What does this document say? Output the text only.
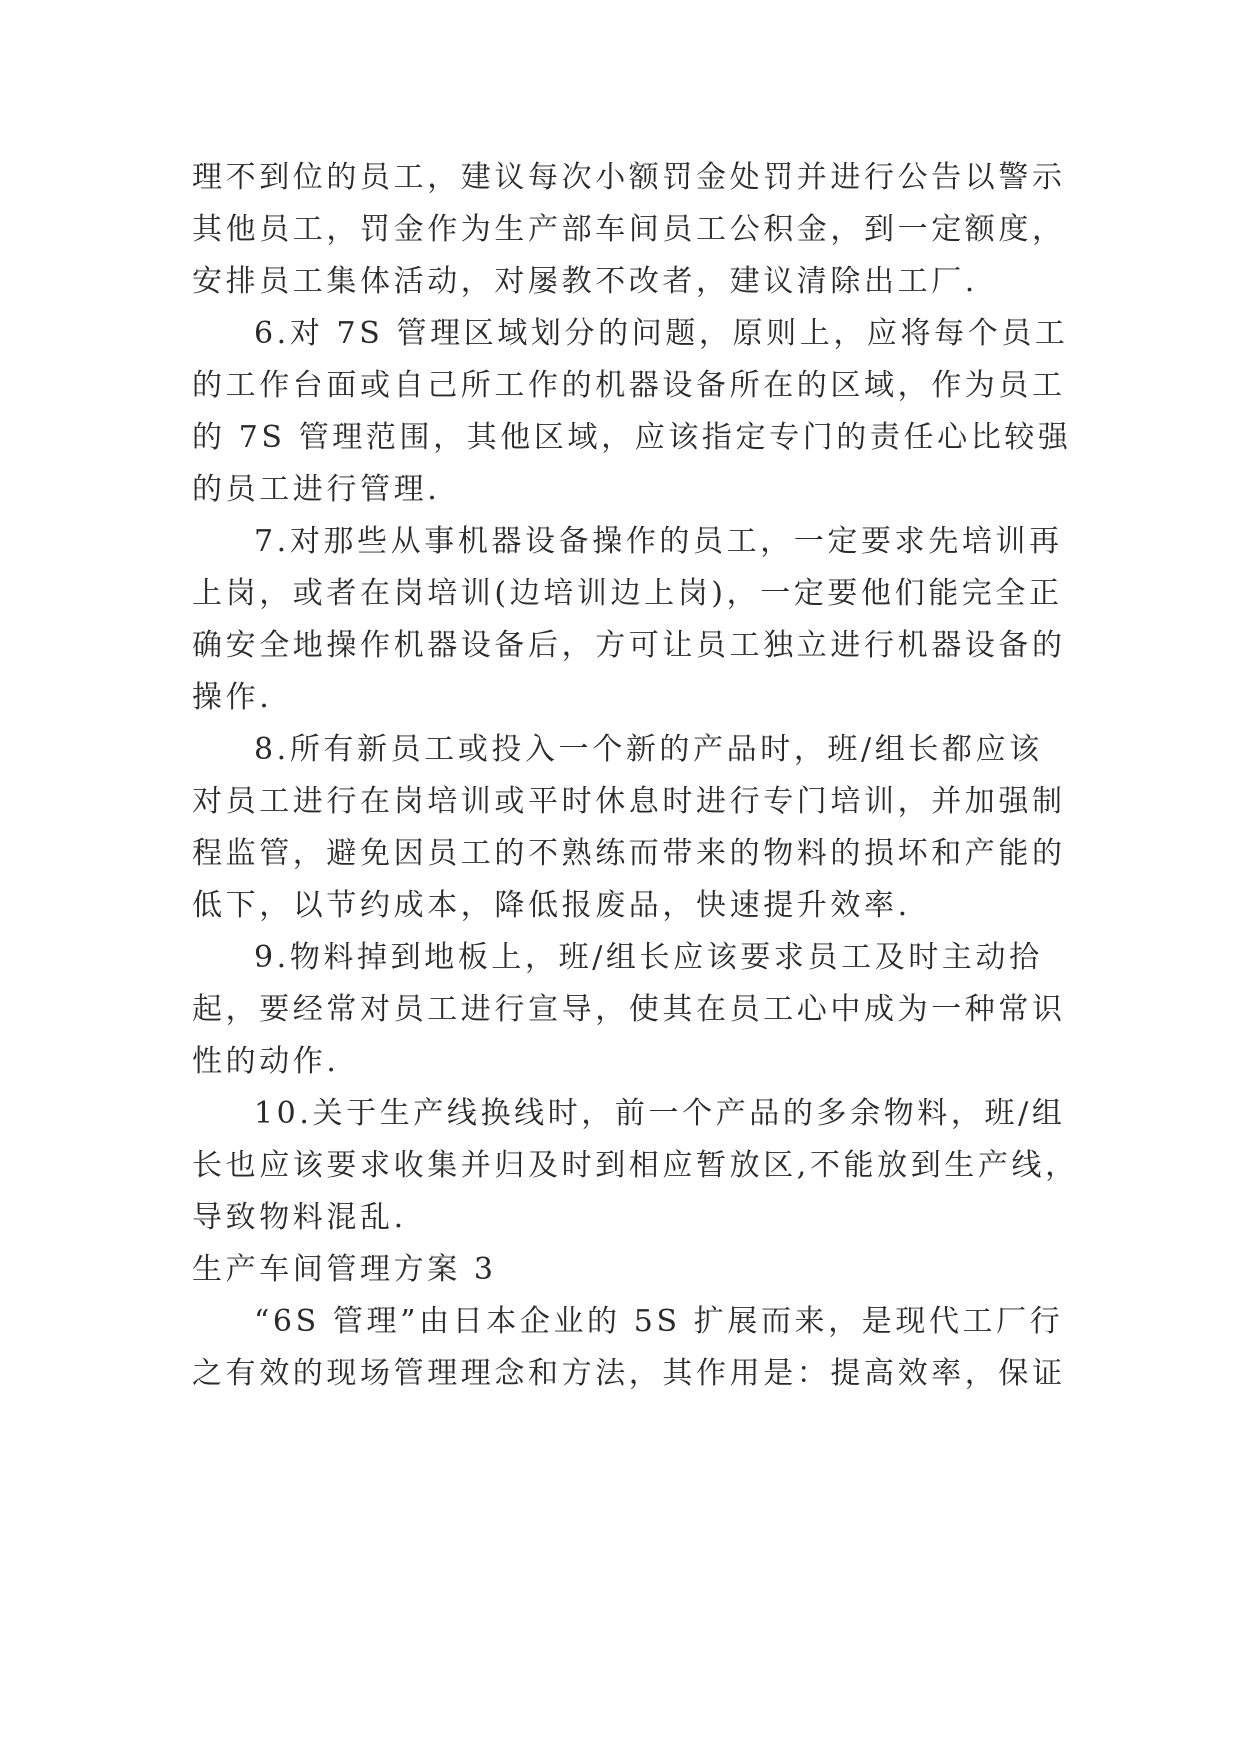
理不到位的员工，建议每次小额罚金处罚并进行公告以警示
其他员工，罚金作为生产部车间员工公积金，到一定额度，
安排员工集体活动，对屡教不改者，建议清除出工厂.
6.对 7S 管理区域划分的问题，原则上，应将每个员工
的工作台面或自己所工作的机器设备所在的区域，作为员工
的 7S 管理范围，其他区域，应该指定专门的责任心比较强
的员工进行管理.
7.对那些从事机器设备操作的员工，一定要求先培训再
上岗，或者在岗培训(边培训边上岗)，一定要他们能完全正
确安全地操作机器设备后，方可让员工独立进行机器设备的
操作.
8.所有新员工或投入一个新的产品时，班/组长都应该
对员工进行在岗培训或平时休息时进行专门培训，并加强制
程监管，避免因员工的不熟练而带来的物料的损坏和产能的
低下，以节约成本，降低报废品，快速提升效率.
9.物料掉到地板上，班/组长应该要求员工及时主动拾
起，要经常对员工进行宣导，使其在员工心中成为一种常识
性的动作.
10.关于生产线换线时，前一个产品的多余物料，班/组
长也应该要求收集并归及时到相应暂放区,不能放到生产线，
导致物料混乱.
生产车间管理方案 3
“6S 管理”由日本企业的 5S 扩展而来，是现代工厂行
之有效的现场管理理念和方法，其作用是：提高效率，保证
